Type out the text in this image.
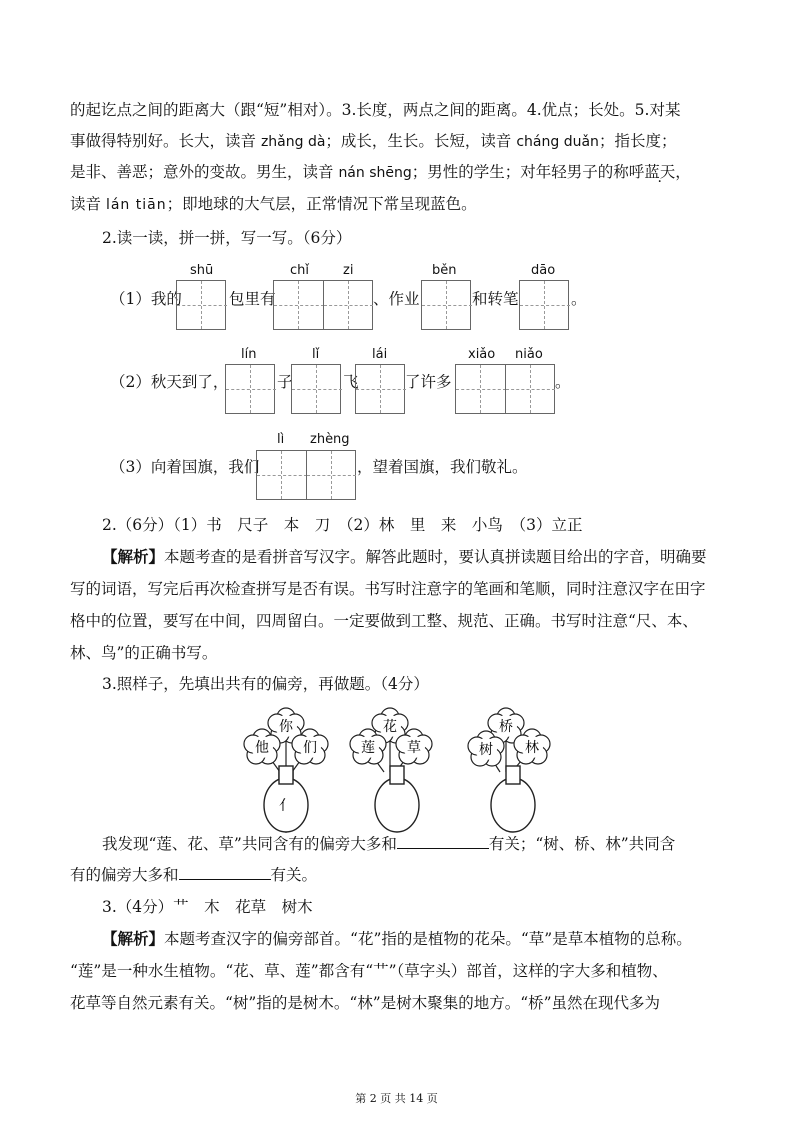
的起讫点之间的距离大（跟“短”相对）。3.长度，两点之间的距离。4.优点；长处。5.对某
事做得特别好。长大，读音 zhǎng dà；成长，生长。长短，读音 cháng duǎn；指长度；
是非、善恶；意外的变故。男生，读音 nán shēng；男性的学生；对年轻男子的称呼蓝天，
读音 lán tiān；即地球的大气层，正常情况下常呈现蓝色。
2.读一读，拼一拼，写一写。（6分）
（1）我的
shū
包里有
chǐ	zi
、作业
běn
和转笔
dāo
。
（2）秋天到了，
lín
子
lǐ
飞
lái
了许多
xiǎo niǎo
。
（3）向着国旗，我们
lì zhèng
，望着国旗，我们敬礼。
2.（6分）（1）书　尺子　本　刀　（2）林　里　来　小鸟　（3）立正
【解析】本题考查的是看拼音写汉字。解答此题时，要认真拼读题目给出的字音，明确要
写的词语，写完后再次检查拼写是否有误。书写时注意字的笔画和笔顺，同时注意汉字在田字
格中的位置，要写在中间，四周留白。一定要做到工整、规范、正确。书写时注意“尺、本、
林、鸟”的正确书写。
3.照样子，先填出共有的偏旁，再做题。（4分）
你
他 们
亻
花
莲 草
桥
树 林
我发现“莲、花、草”共同含有的偏旁大多和	有关；“树、桥、林”共同含
有的偏旁大多和	有关。
3.（4分）艹　木　花草　树木
【解析】本题考查汉字的偏旁部首。“花”指的是植物的花朵。“草”是草本植物的总称。
“莲”是一种水生植物。“花、草、莲”都含有“艹”（草字头）部首，这样的字大多和植物、
花草等自然元素有关。“树”指的是树木。“林”是树木聚集的地方。“桥”虽然在现代多为
第 2 页 共 14 页
